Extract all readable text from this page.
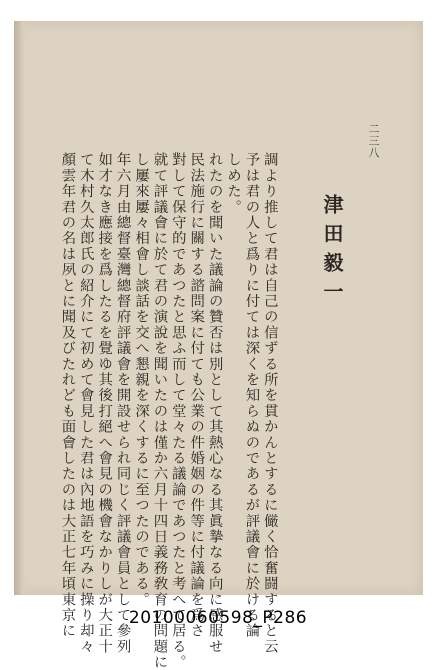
二三八
津田毅一

調より推して君は自己の信ずる所を貫かんとするに𠑊く恰奮闘すると云

予は君の人と爲りに付ては深くを知らぬのであるが評議會に於ける論

しめた。

れたのを聞いた議論の贊否は別として其熱心なる其眞摯なる向に感服せ

民法施行に關する諮問案に付ても公業の件婚姻の件等に付議論を爲さ

對して保守的であつたと思ふ而して堂々たる議論であつたと考へて居る。

就て評議會に於て君の演說を聞いたのは僅か六月十四日義務敎育の問題に

し屢來屢々相會し談話を交へ懇親を深くするに至つたのである。

年六月由總督臺灣總督府評議會を開設せられ同じく評議會員として參列

如才なき應接を爲したるを覺ゆ其後打絕へ會見の機會なかりしが大正十

て木村久太郎氏の紹介にて初めて會見した君は內地語を巧みに操り却々

顏雲年君の名は夙とに聞及びたれども面會したのは大正七年頃東京に	20100060598_P286
